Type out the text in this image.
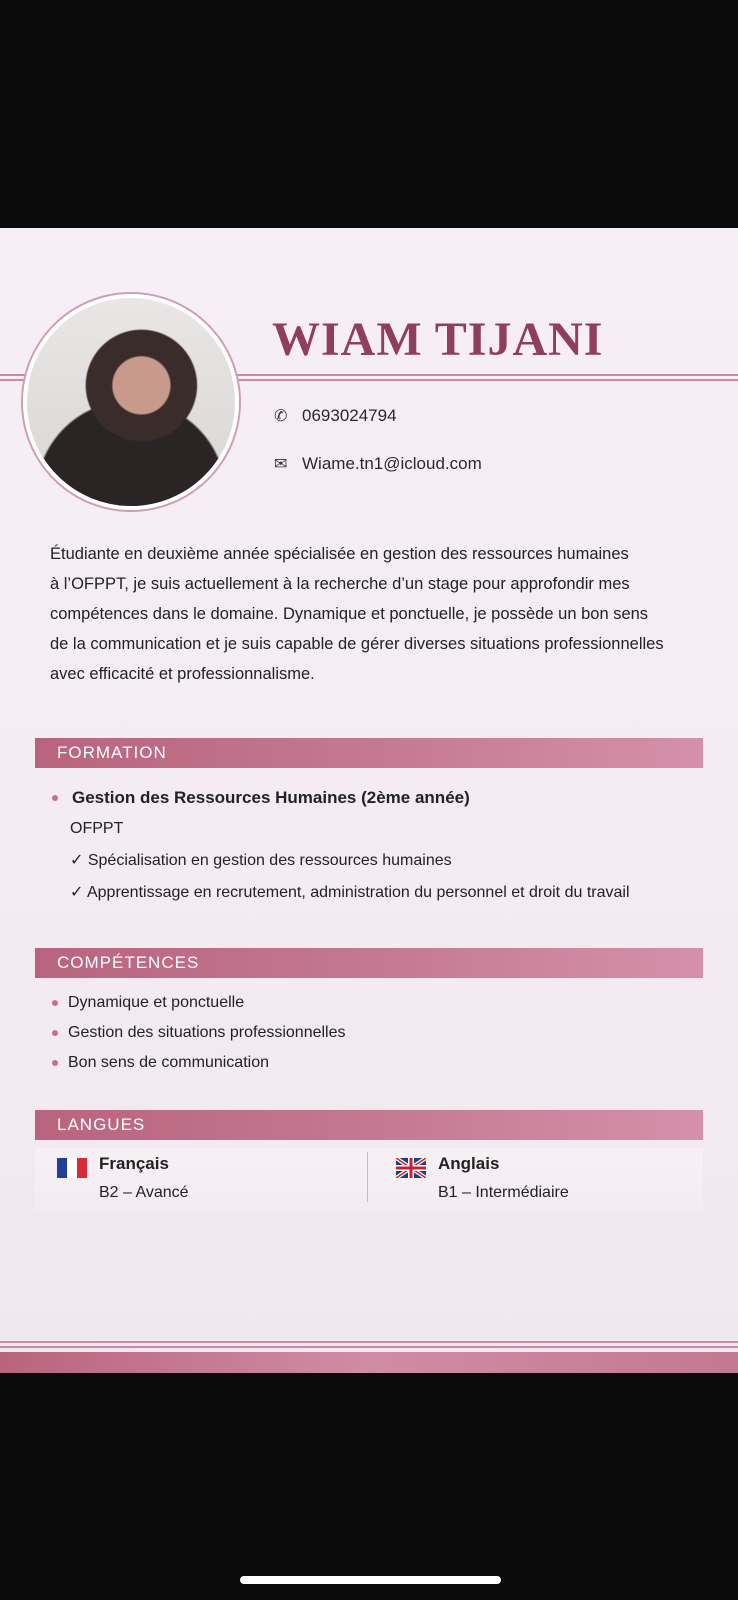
WIAM TIJANI
✆ 0693024794
✉ Wiame.tn1@icloud.com
Étudiante en deuxième année spécialisée en gestion des ressources humaines
à l’OFPPT, je suis actuellement à la recherche d’un stage pour approfondir mes
compétences dans le domaine. Dynamique et ponctuelle, je possède un bon sens
de la communication et je suis capable de gérer diverses situations professionnelles
avec efficacité et professionnalisme.
FORMATION
Gestion des Ressources Humaines (2ème année)
OFPPT
✓ Spécialisation en gestion des ressources humaines
✓ Apprentissage en recrutement, administration du personnel et droit du travail
COMPÉTENCES
Dynamique et ponctuelle
Gestion des situations professionnelles
Bon sens de communication
LANGUES
Français
B2 – Avancé
Anglais
B1 – Intermédiaire
